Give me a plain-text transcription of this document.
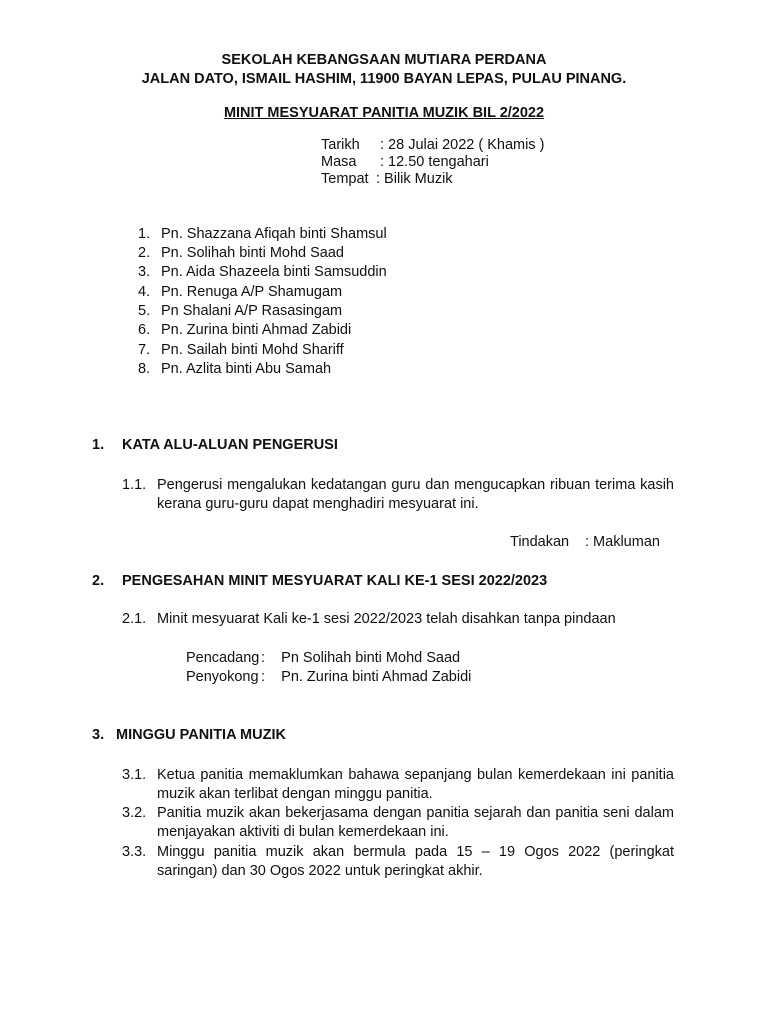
SEKOLAH KEBANGSAAN MUTIARA PERDANA
JALAN DATO, ISMAIL HASHIM, 11900 BAYAN LEPAS, PULAU PINANG.
MINIT MESYUARAT PANITIA MUZIK BIL 2/2022
Tarikh	: 28 Julai 2022 ( Khamis )
Masa	: 12.50 tengahari
Tempat : Bilik Muzik
1. Pn. Shazzana Afiqah binti Shamsul
2. Pn. Solihah binti Mohd Saad
3. Pn. Aida Shazeela binti Samsuddin
4. Pn. Renuga A/P Shamugam
5. Pn Shalani A/P Rasasingam
6. Pn. Zurina binti Ahmad Zabidi
7. Pn. Sailah binti Mohd Shariff
8. Pn. Azlita binti Abu Samah
1.	KATA ALU-ALUAN PENGERUSI
1.1. Pengerusi mengalukan kedatangan guru dan mengucapkan ribuan terima kasih kerana guru-guru dapat menghadiri mesyuarat ini.
Tindakan	: Makluman
2.	PENGESAHAN MINIT MESYUARAT KALI KE-1 SESI 2022/2023
2.1. Minit mesyuarat Kali ke-1 sesi 2022/2023 telah disahkan tanpa pindaan
Pencadang :    Pn Solihah binti Mohd Saad
Penyokong :    Pn. Zurina binti Ahmad Zabidi
3. MINGGU PANITIA MUZIK
3.1. Ketua panitia memaklumkan bahawa sepanjang bulan kemerdekaan ini panitia muzik akan terlibat dengan minggu panitia.
3.2. Panitia muzik akan bekerjasama dengan panitia sejarah dan panitia seni dalam menjayakan aktiviti di bulan kemerdekaan ini.
3.3. Minggu panitia muzik akan bermula pada 15 – 19 Ogos 2022 (peringkat saringan) dan 30 Ogos 2022 untuk peringkat akhir.
